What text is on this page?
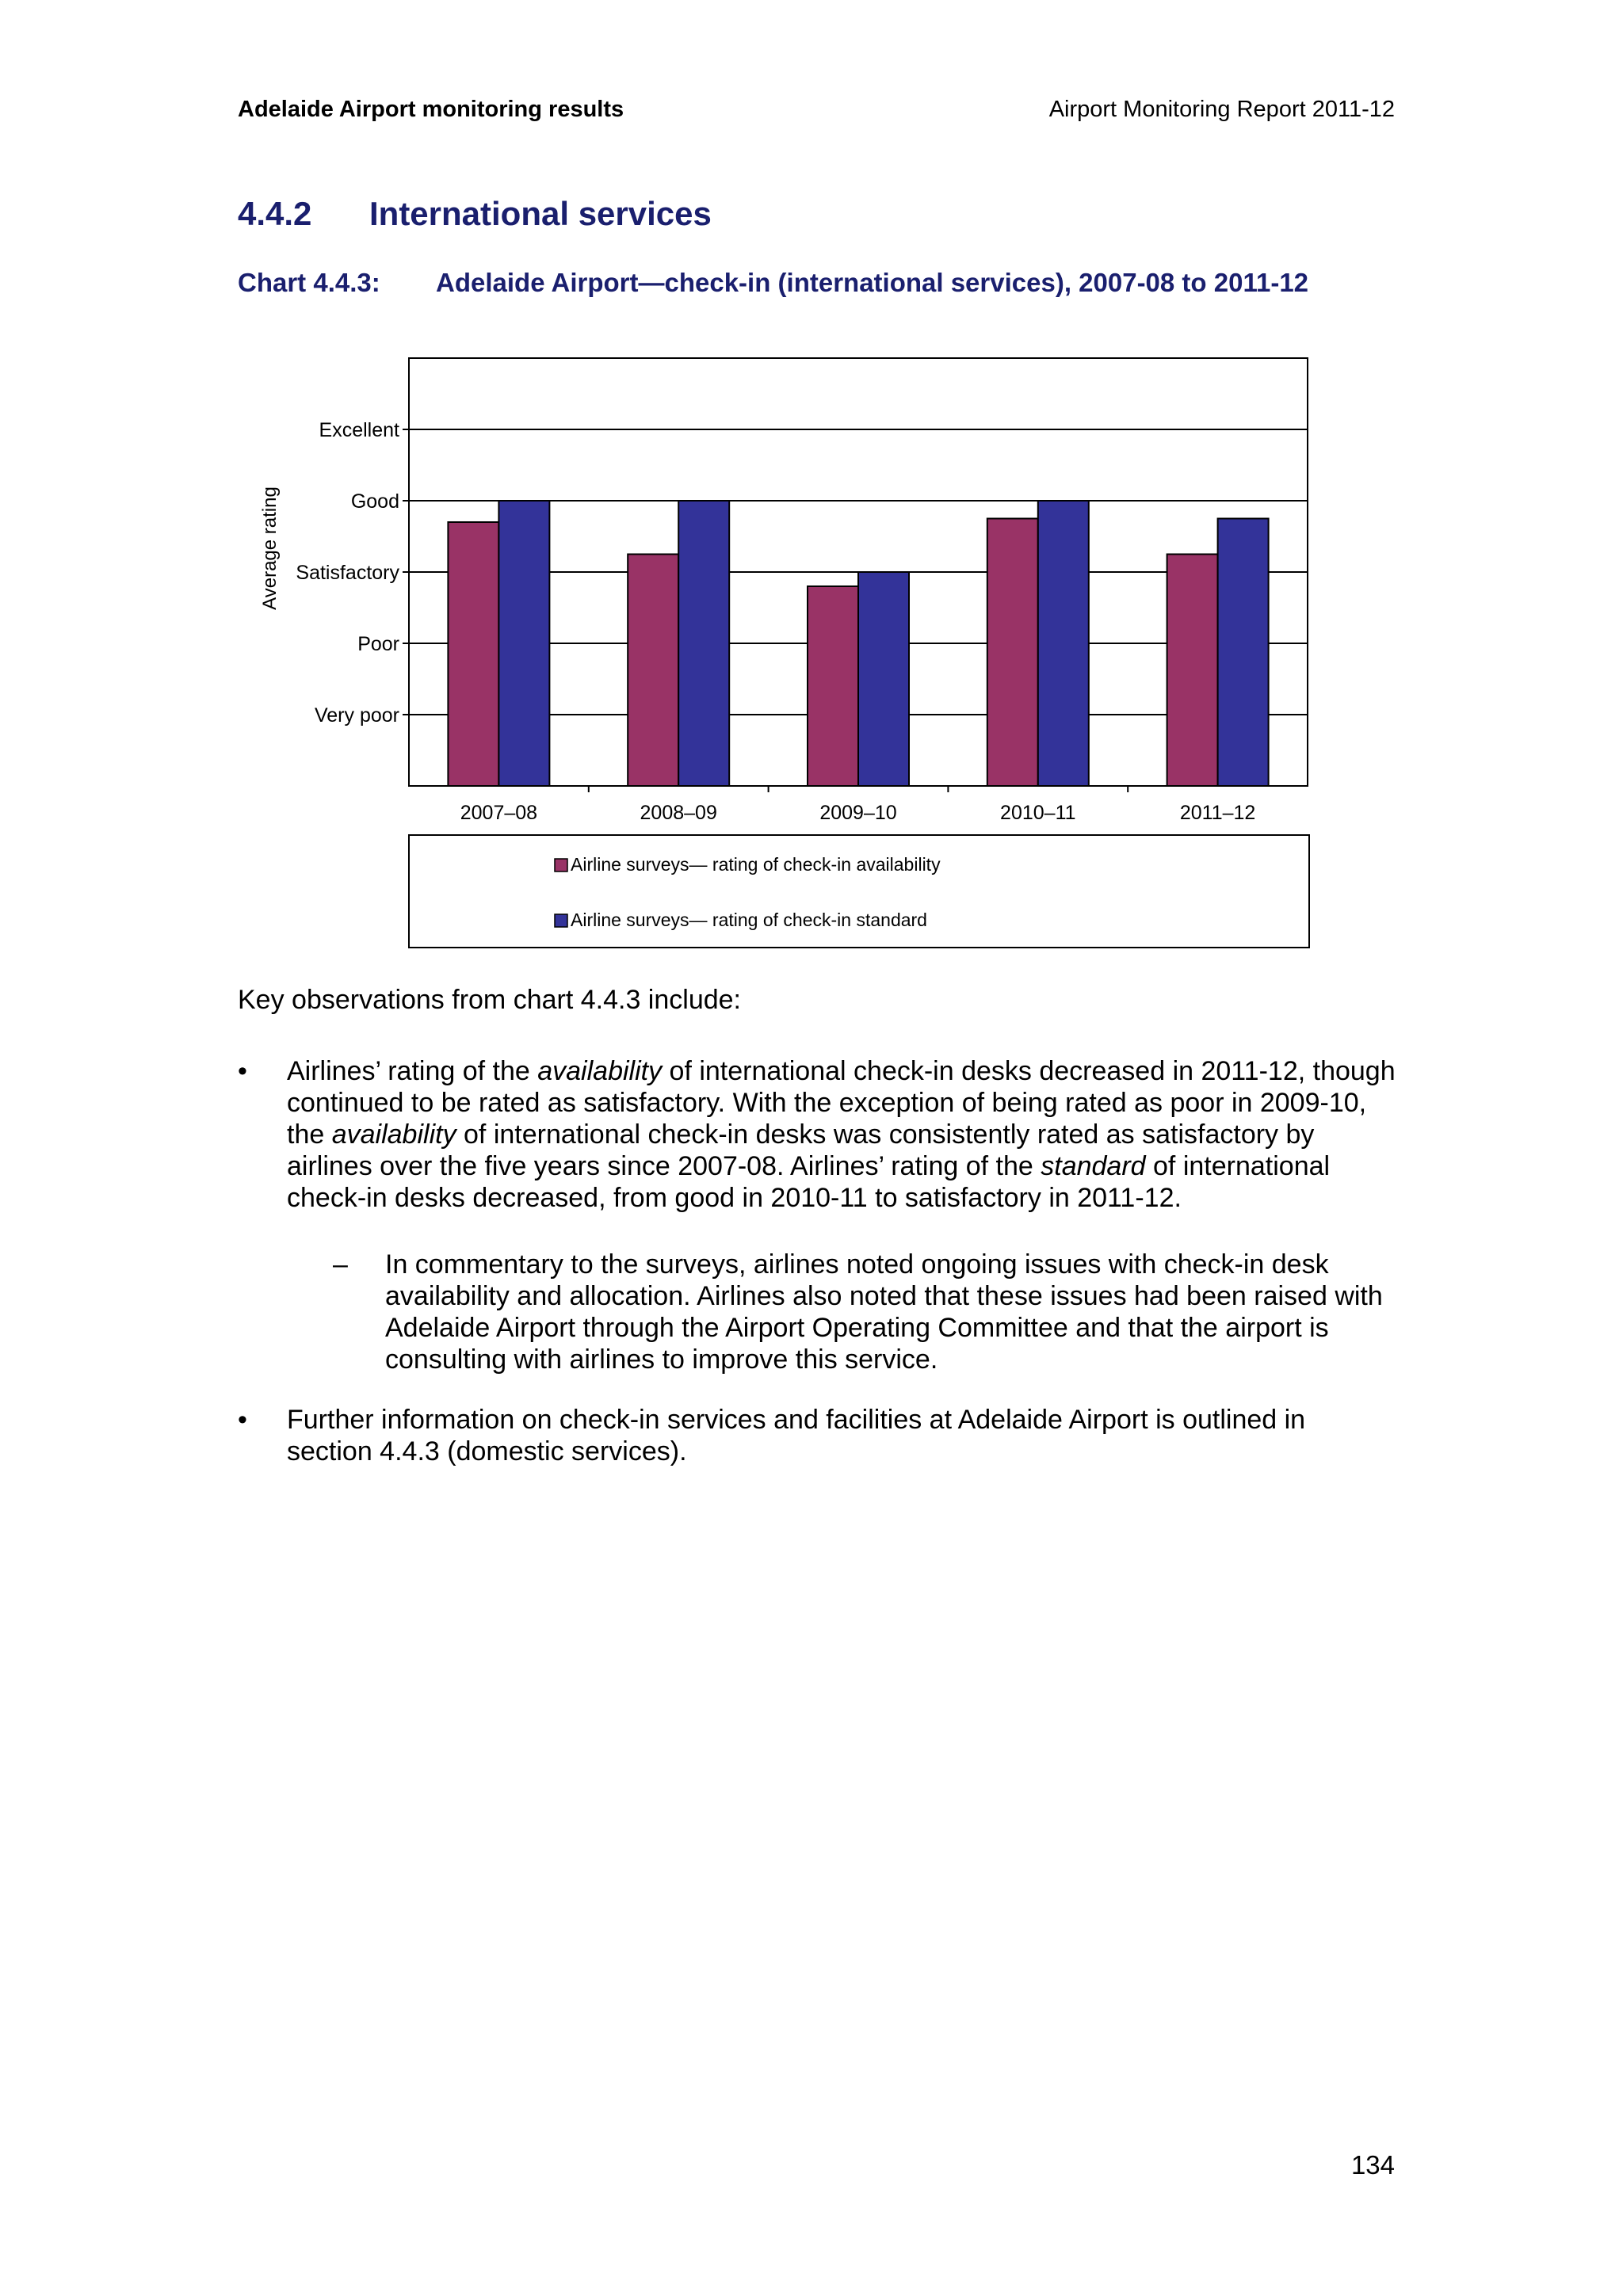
Adelaide Airport monitoring results	Airport Monitoring Report 2011-12
4.4.2 International services
Chart 4.4.3: Adelaide Airport—check-in (international services), 2007-08 to 2011-12
Very poor
Poor
Satisfactory
Good
Excellent
Average rating
2007–08	2008–09	2009–10	2010–11	2011–12
Airline surveys— rating of check-in availability
Airline surveys— rating of check-in standard
Key observations from chart 4.4.3 include:
•	Airlines’ rating of the availability of international check-in desks decreased in 2011-12, though continued to be rated as satisfactory. With the exception of being rated as poor in 2009-10, the availability of international check-in desks was consistently rated as satisfactory by airlines over the five years since 2007-08. Airlines’ rating of the standard of international check-in desks decreased, from good in 2010-11 to satisfactory in 2011-12.
– In commentary to the surveys, airlines noted ongoing issues with check-in desk availability and allocation. Airlines also noted that these issues had been raised with Adelaide Airport through the Airport Operating Committee and that the airport is consulting with airlines to improve this service.
•	Further information on check-in services and facilities at Adelaide Airport is outlined in section 4.4.3 (domestic services).
134
